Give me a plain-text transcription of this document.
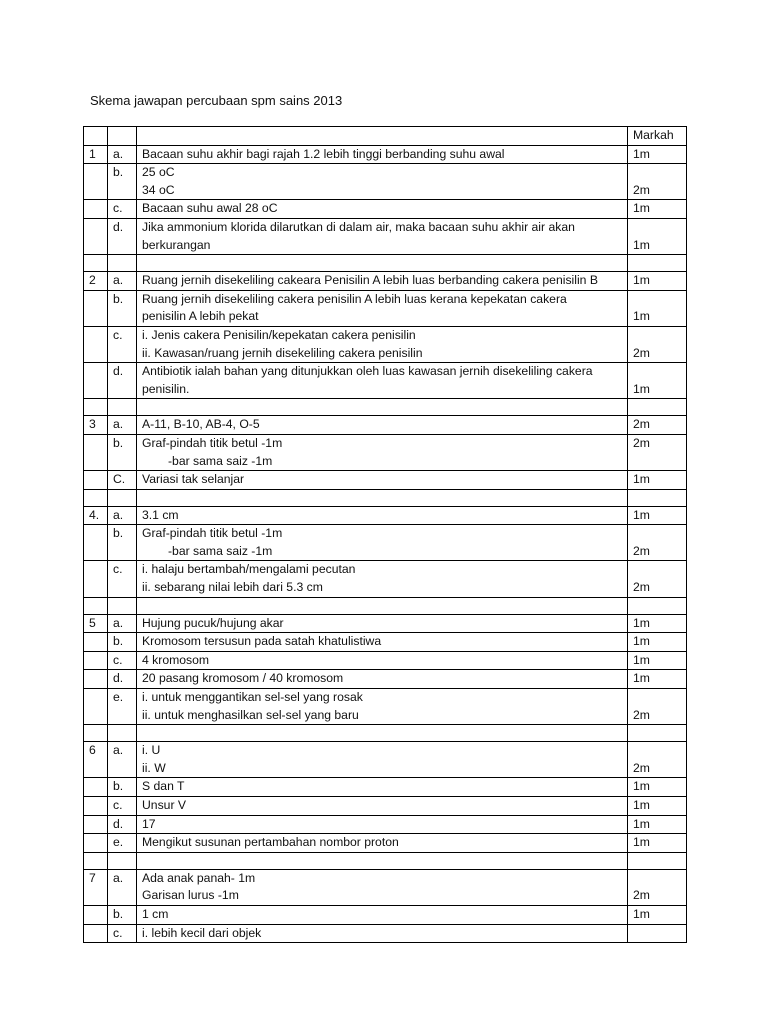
Skema jawapan percubaan spm sains 2013
			Markah
1	a.	Bacaan suhu akhir bagi rajah 1.2 lebih tinggi berbanding suhu awal	1m
	b.	25 oC
34 oC	2m
	c.	Bacaan suhu awal 28 oC	1m
	d.	Jika ammonium klorida dilarutkan di dalam air, maka bacaan suhu akhir air akan
berkurangan	1m

2	a.	Ruang jernih disekeliling cakeara Penisilin A lebih luas berbanding cakera penisilin B	1m
	b.	Ruang jernih disekeliling cakera penisilin A lebih luas kerana kepekatan cakera
penisilin A lebih pekat	1m
	c.	i. Jenis cakera Penisilin/kepekatan cakera penisilin
ii. Kawasan/ruang jernih disekeliling cakera penisilin	2m
	d.	Antibiotik ialah bahan yang ditunjukkan oleh luas kawasan jernih disekeliling cakera
penisilin.	1m

3	a.	A-11, B-10, AB-4, O-5	2m
	b.	Graf-pindah titik betul -1m
-bar sama saiz -1m	2m
	C.	Variasi tak selanjar	1m

4.	a.	3.1 cm	1m
	b.	Graf-pindah titik betul -1m
-bar sama saiz -1m	2m
	c.	i. halaju bertambah/mengalami pecutan
ii. sebarang nilai lebih dari 5.3 cm	2m

5	a.	Hujung pucuk/hujung akar	1m
	b.	Kromosom tersusun pada satah khatulistiwa	1m
	c.	4 kromosom	1m
	d.	20 pasang kromosom / 40 kromosom	1m
	e.	i. untuk menggantikan sel-sel yang rosak
ii. untuk menghasilkan sel-sel yang baru	2m

6	a.	i. U
ii. W	2m
	b.	S dan T	1m
	c.	Unsur V	1m
	d.	17	1m
	e.	Mengikut susunan pertambahan nombor proton	1m

7	a.	Ada anak panah- 1m
Garisan lurus -1m	2m
	b.	1 cm	1m
	c.	i. lebih kecil dari objek	
